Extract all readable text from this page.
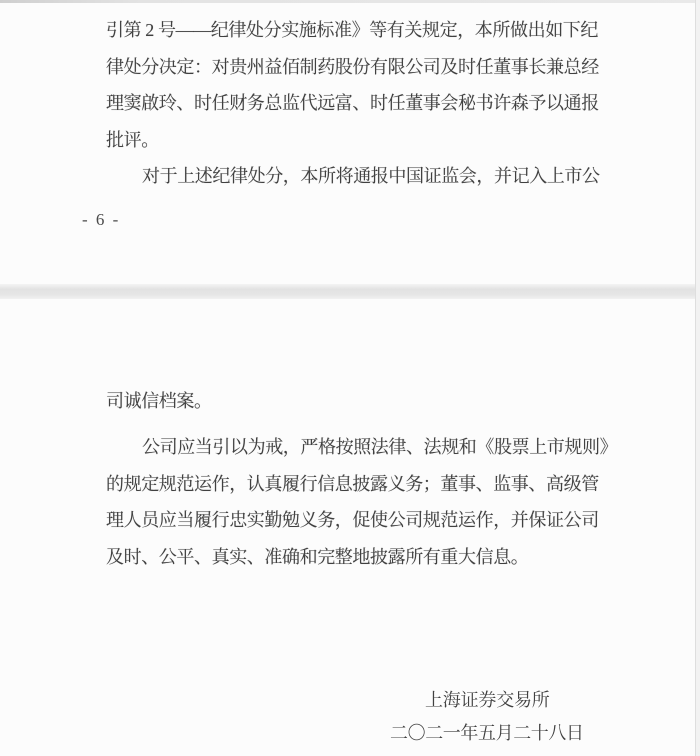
引第 2 号——纪律处分实施标准》等有关规定，本所做出如下纪
律处分决定：对贵州益佰制药股份有限公司及时任董事长兼总经
理窦啟玲、时任财务总监代远富、时任董事会秘书许森予以通报
批评。
对于上述纪律处分，本所将通报中国证监会，并记入上市公
- 6 -
司诚信档案。
公司应当引以为戒，严格按照法律、法规和《股票上市规则》
的规定规范运作，认真履行信息披露义务；董事、监事、高级管
理人员应当履行忠实勤勉义务，促使公司规范运作，并保证公司
及时、公平、真实、准确和完整地披露所有重大信息。
上海证券交易所
二〇二一年五月二十八日
